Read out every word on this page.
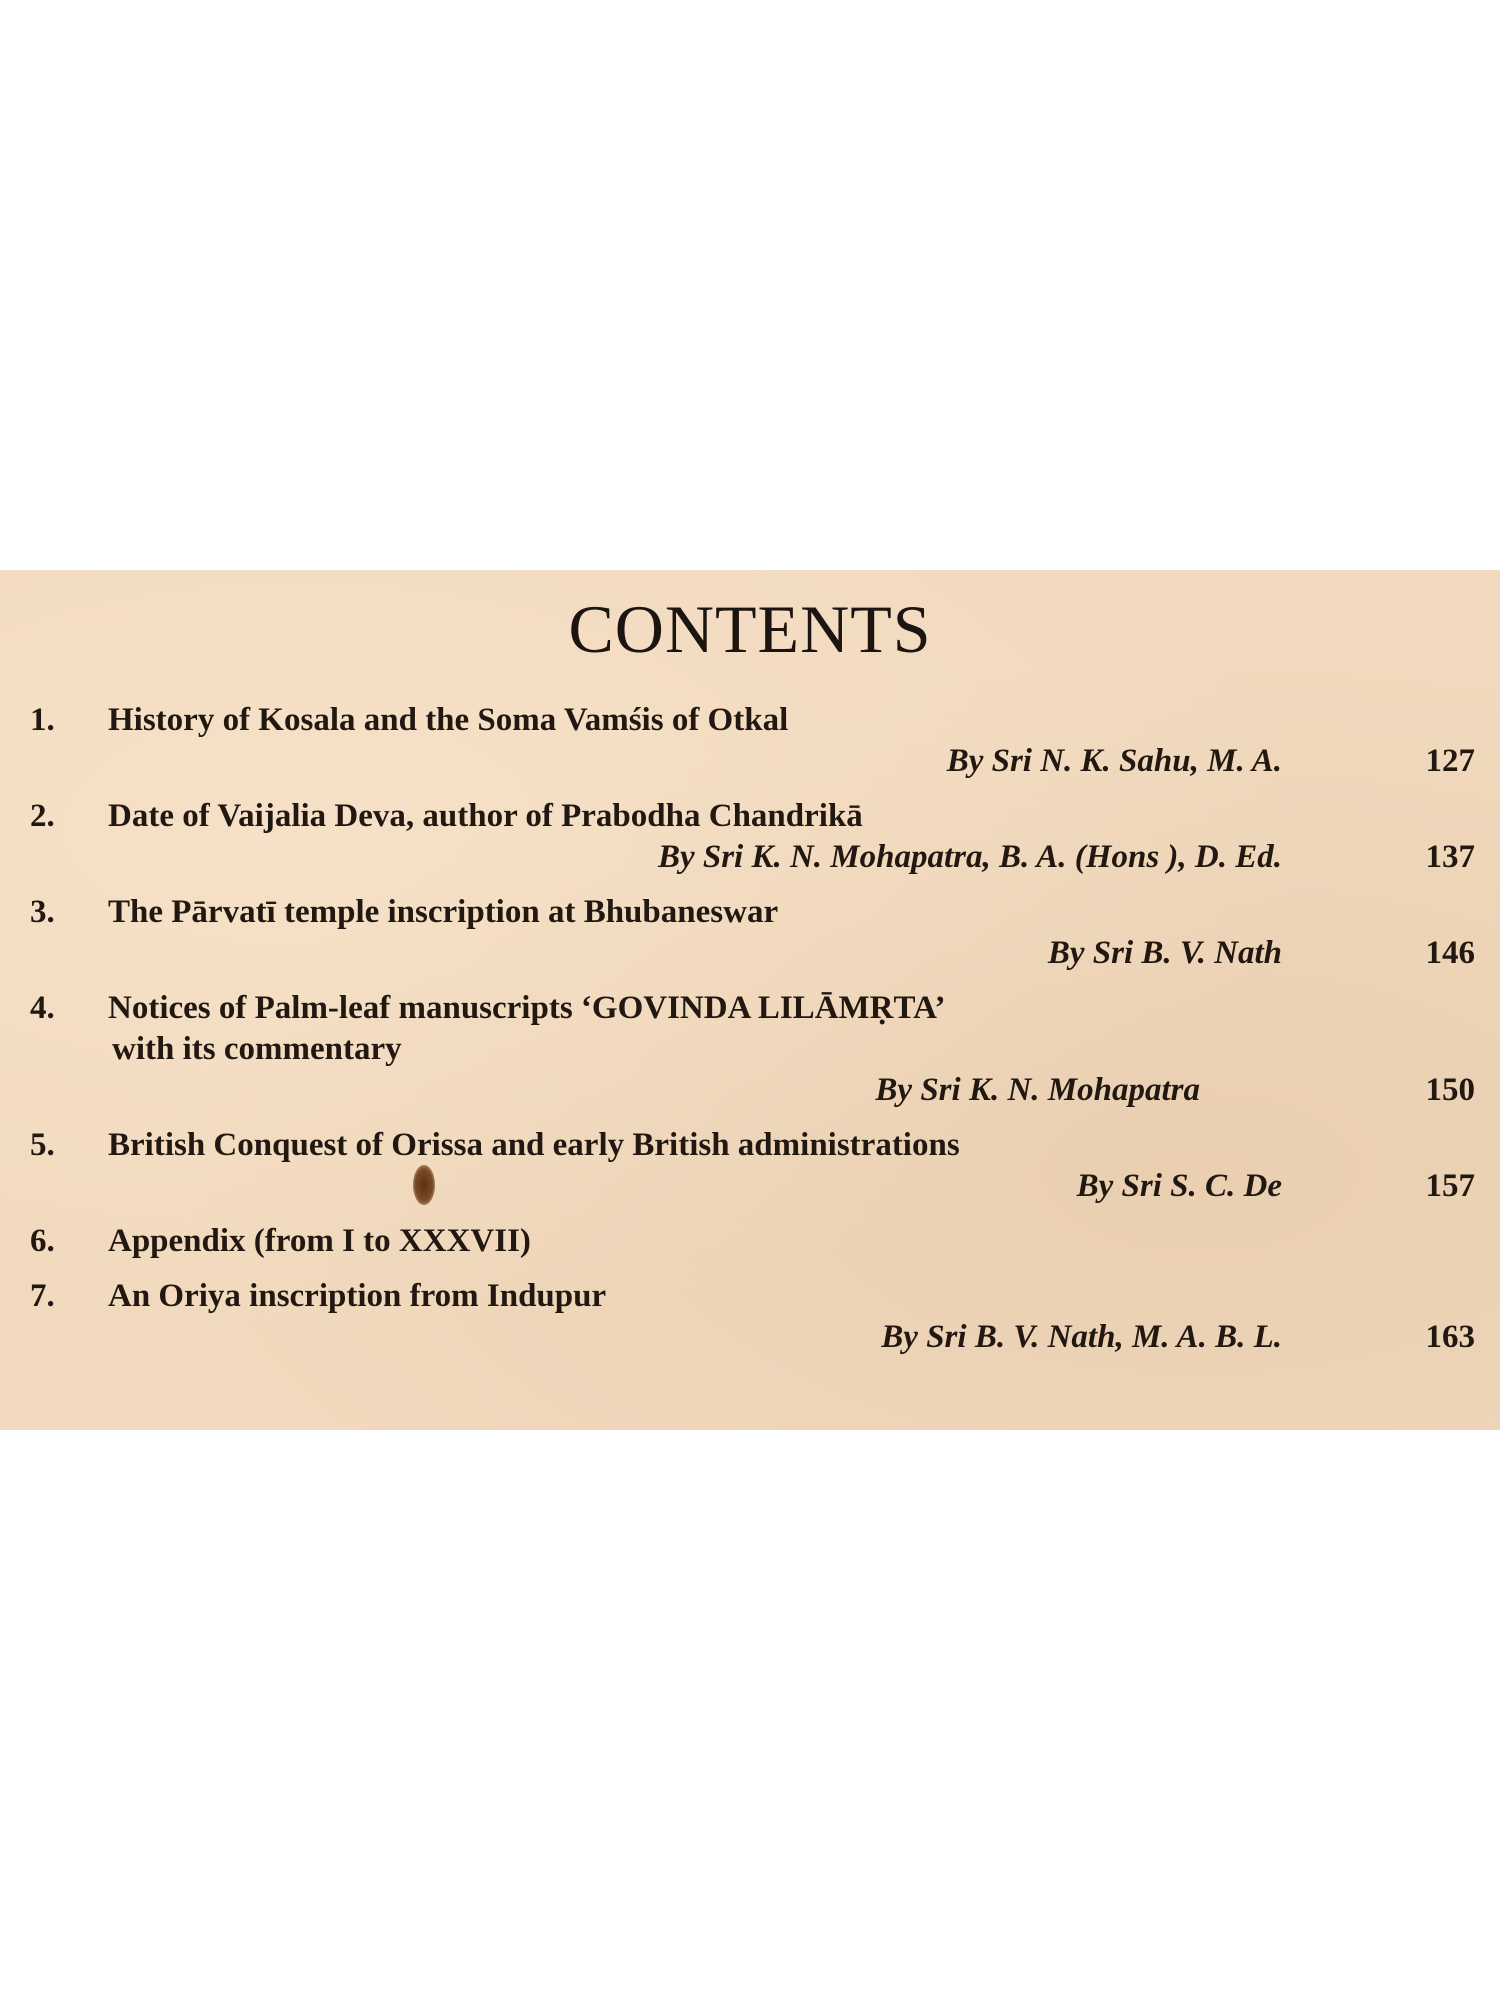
CONTENTS
1.	History of Kosala and the Soma Vamśis of Otkal
By Sri N. K. Sahu, M. A.	127
2.	Date of Vaijalia Deva, author of Prabodha Chandrikā
By Sri K. N. Mohapatra, B. A. (Hons ), D. Ed.	137
3.	The Pārvatī temple inscription at Bhubaneswar
By Sri B. V. Nath	146
4.	Notices of Palm-leaf manuscripts ‘GOVINDA LILĀMṚTA’
with its commentary
By Sri K. N. Mohapatra	150
5.	British Conquest of Orissa and early British administrations
By Sri S. C. De	157
6.	Appendix (from I to XXXVII)
7.	An Oriya inscription from Indupur
By Sri B. V. Nath, M. A. B. L.	163
